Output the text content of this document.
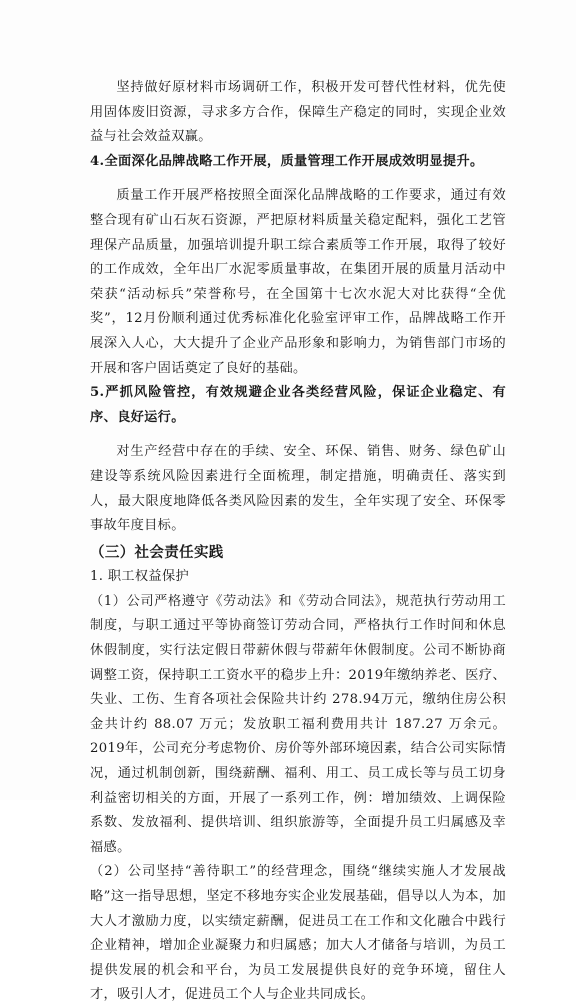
坚持做好原材料市场调研工作，积极开发可替代性材料，优先使用固体废旧资源，寻求多方合作，保障生产稳定的同时，实现企业效益与社会效益双赢。

4.全面深化品牌战略工作开展，质量管理工作开展成效明显提升。

质量工作开展严格按照全面深化品牌战略的工作要求，通过有效整合现有矿山石灰石资源，严把原材料质量关稳定配料，强化工艺管理保产品质量，加强培训提升职工综合素质等工作开展，取得了较好的工作成效，全年出厂水泥零质量事故，在集团开展的质量月活动中荣获“活动标兵”荣誉称号，在全国第十七次水泥大对比获得“全优奖”，12月份顺利通过优秀标准化化验室评审工作，品牌战略工作开展深入人心，大大提升了企业产品形象和影响力，为销售部门市场的开展和客户固话奠定了良好的基础。

5.严抓风险管控，有效规避企业各类经营风险，保证企业稳定、有序、良好运行。

对生产经营中存在的手续、安全、环保、销售、财务、绿色矿山建设等系统风险因素进行全面梳理，制定措施，明确责任、落实到人，最大限度地降低各类风险因素的发生，全年实现了安全、环保零事故年度目标。

（三）社会责任实践

1. 职工权益保护

（1）公司严格遵守《劳动法》和《劳动合同法》，规范执行劳动用工制度，与职工通过平等协商签订劳动合同，严格执行工作时间和休息休假制度，实行法定假日带薪休假与带薪年休假制度。公司不断协商调整工资，保持职工工资水平的稳步上升：2019年缴纳养老、医疗、失业、工伤、生育各项社会保险共计约 278.94万元，缴纳住房公积金共计约 88.07 万元；发放职工福利费用共计 187.27 万余元。2019年，公司充分考虑物价、房价等外部环境因素，结合公司实际情况，通过机制创新，围绕薪酬、福利、用工、员工成长等与员工切身利益密切相关的方面，开展了一系列工作，例：增加绩效、上调保险系数、发放福利、提供培训、组织旅游等，全面提升员工归属感及幸福感。

（2）公司坚持“善待职工”的经营理念，围绕“继续实施人才发展战略”这一指导思想，坚定不移地夯实企业发展基础，倡导以人为本，加大人才激励力度，以实绩定薪酬，促进员工在工作和文化融合中践行企业精神，增加企业凝聚力和归属感；加大人才储备与培训，为员工提供发展的机会和平台，为员工发展提供良好的竞争环境，留住人才，吸引人才，促进员工个人与企业共同成长。
